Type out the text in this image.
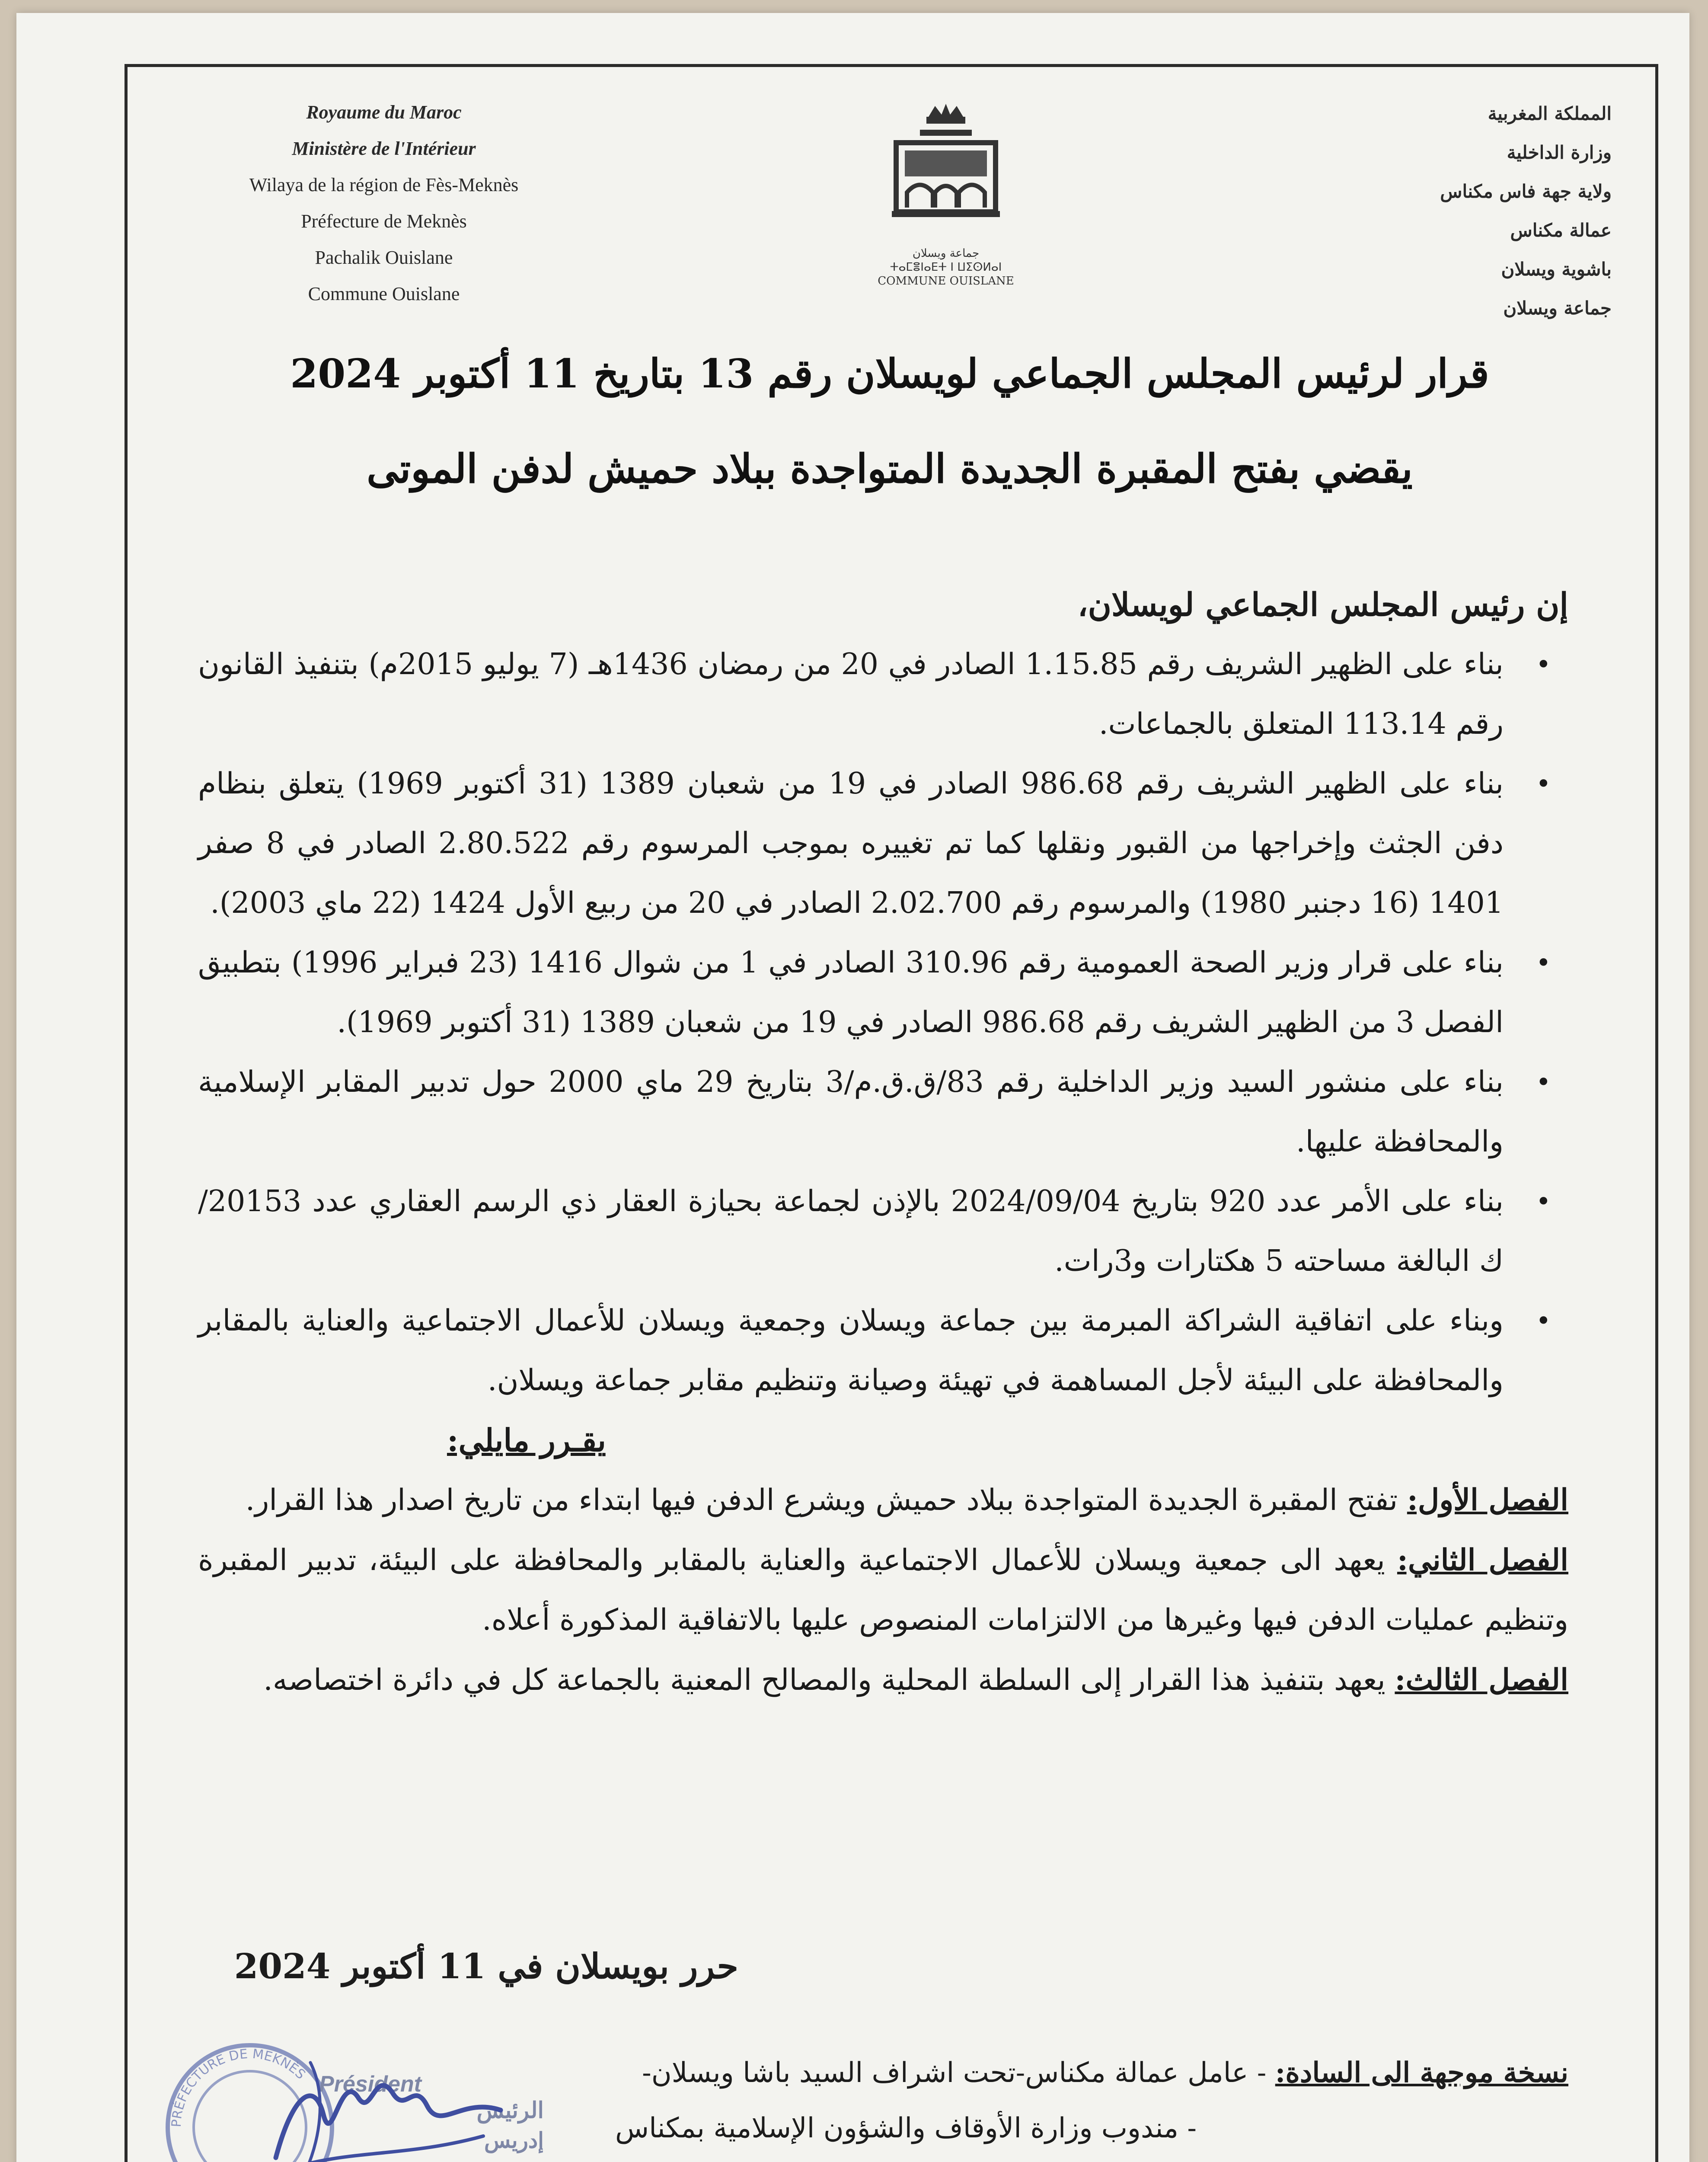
Royaume du Maroc
Ministère de l'Intérieur
Wilaya de la région de Fès-Meknès
Préfecture de Meknès
Pachalik Ouislane
Commune Ouislane
جماعة ويسلان
ⵜⴰⵎⴻⵏⴰⴹⵜ ⵏ ⵡⵉⵙⵍⴰⵏ
COMMUNE OUISLANE
المملكة المغربية
وزارة الداخلية
ولاية جهة فاس مكناس
عمالة مكناس
باشوية ويسلان
جماعة ويسلان
قرار لرئيس المجلس الجماعي لويسلان رقم 13 بتاريخ 11 أكتوبر 2024
يقضي بفتح المقبرة الجديدة المتواجدة ببلاد حميش لدفن الموتى

إن رئيس المجلس الجماعي لويسلان،

•
بناء على الظهير الشريف رقم 1.15.85 الصادر في 20 من رمضان 1436هـ (7 يوليو 2015م) بتنفيذ القانون رقم 113.14 المتعلق بالجماعات.
•
بناء على الظهير الشريف رقم 986.68 الصادر في 19 من شعبان 1389 (31 أكتوبر 1969) يتعلق بنظام دفن الجثث وإخراجها من القبور ونقلها كما تم تغييره بموجب المرسوم رقم 2.80.522 الصادر في 8 صفر 1401 (16 دجنبر 1980) والمرسوم رقم 2.02.700 الصادر في 20 من ربيع الأول 1424 (22 ماي 2003).
•
بناء على قرار وزير الصحة العمومية رقم 310.96 الصادر في 1 من شوال 1416 (23 فبراير 1996) بتطبيق الفصل 3 من الظهير الشريف رقم 986.68 الصادر في 19 من شعبان 1389 (31 أكتوبر 1969).
•
بناء على منشور السيد وزير الداخلية رقم 83/ق.ق.م/3 بتاريخ 29 ماي 2000 حول تدبير المقابر الإسلامية والمحافظة عليها.
•
بناء على الأمر عدد 920 بتاريخ 2024/09/04 بالإذن لجماعة بحيازة العقار ذي الرسم العقاري عدد 20153/ك البالغة مساحته 5 هكتارات و3رات.
•
وبناء على اتفاقية الشراكة المبرمة بين جماعة ويسلان وجمعية ويسلان للأعمال الاجتماعية والعناية بالمقابر والمحافظة على البيئة لأجل المساهمة في تهيئة وصيانة وتنظيم مقابر جماعة ويسلان.

يقـرر مايلي:

الفصل الأول: تفتح المقبرة الجديدة المتواجدة ببلاد حميش ويشرع الدفن فيها ابتداء من تاريخ اصدار هذا القرار.

الفصل الثاني: يعهد الى جمعية ويسلان للأعمال الاجتماعية والعناية بالمقابر والمحافظة على البيئة، تدبير المقبرة وتنظيم عمليات الدفن فيها وغيرها من الالتزامات المنصوص عليها بالاتفاقية المذكورة أعلاه.

الفصل الثالث: يعهد بتنفيذ هذا القرار إلى السلطة المحلية والمصالح المعنية بالجماعة كل في دائرة اختصاصه.

حرر بويسلان في 11 أكتوبر 2024

نسخة موجهة الى السادة: - عامل عمالة مكناس-تحت اشراف السيد باشا ويسلان-

- مندوب وزارة الأوقاف والشؤون الإسلامية بمكناس

PRÉFECTURE DE MEKNÈS Président
الرئيس
إدريس
